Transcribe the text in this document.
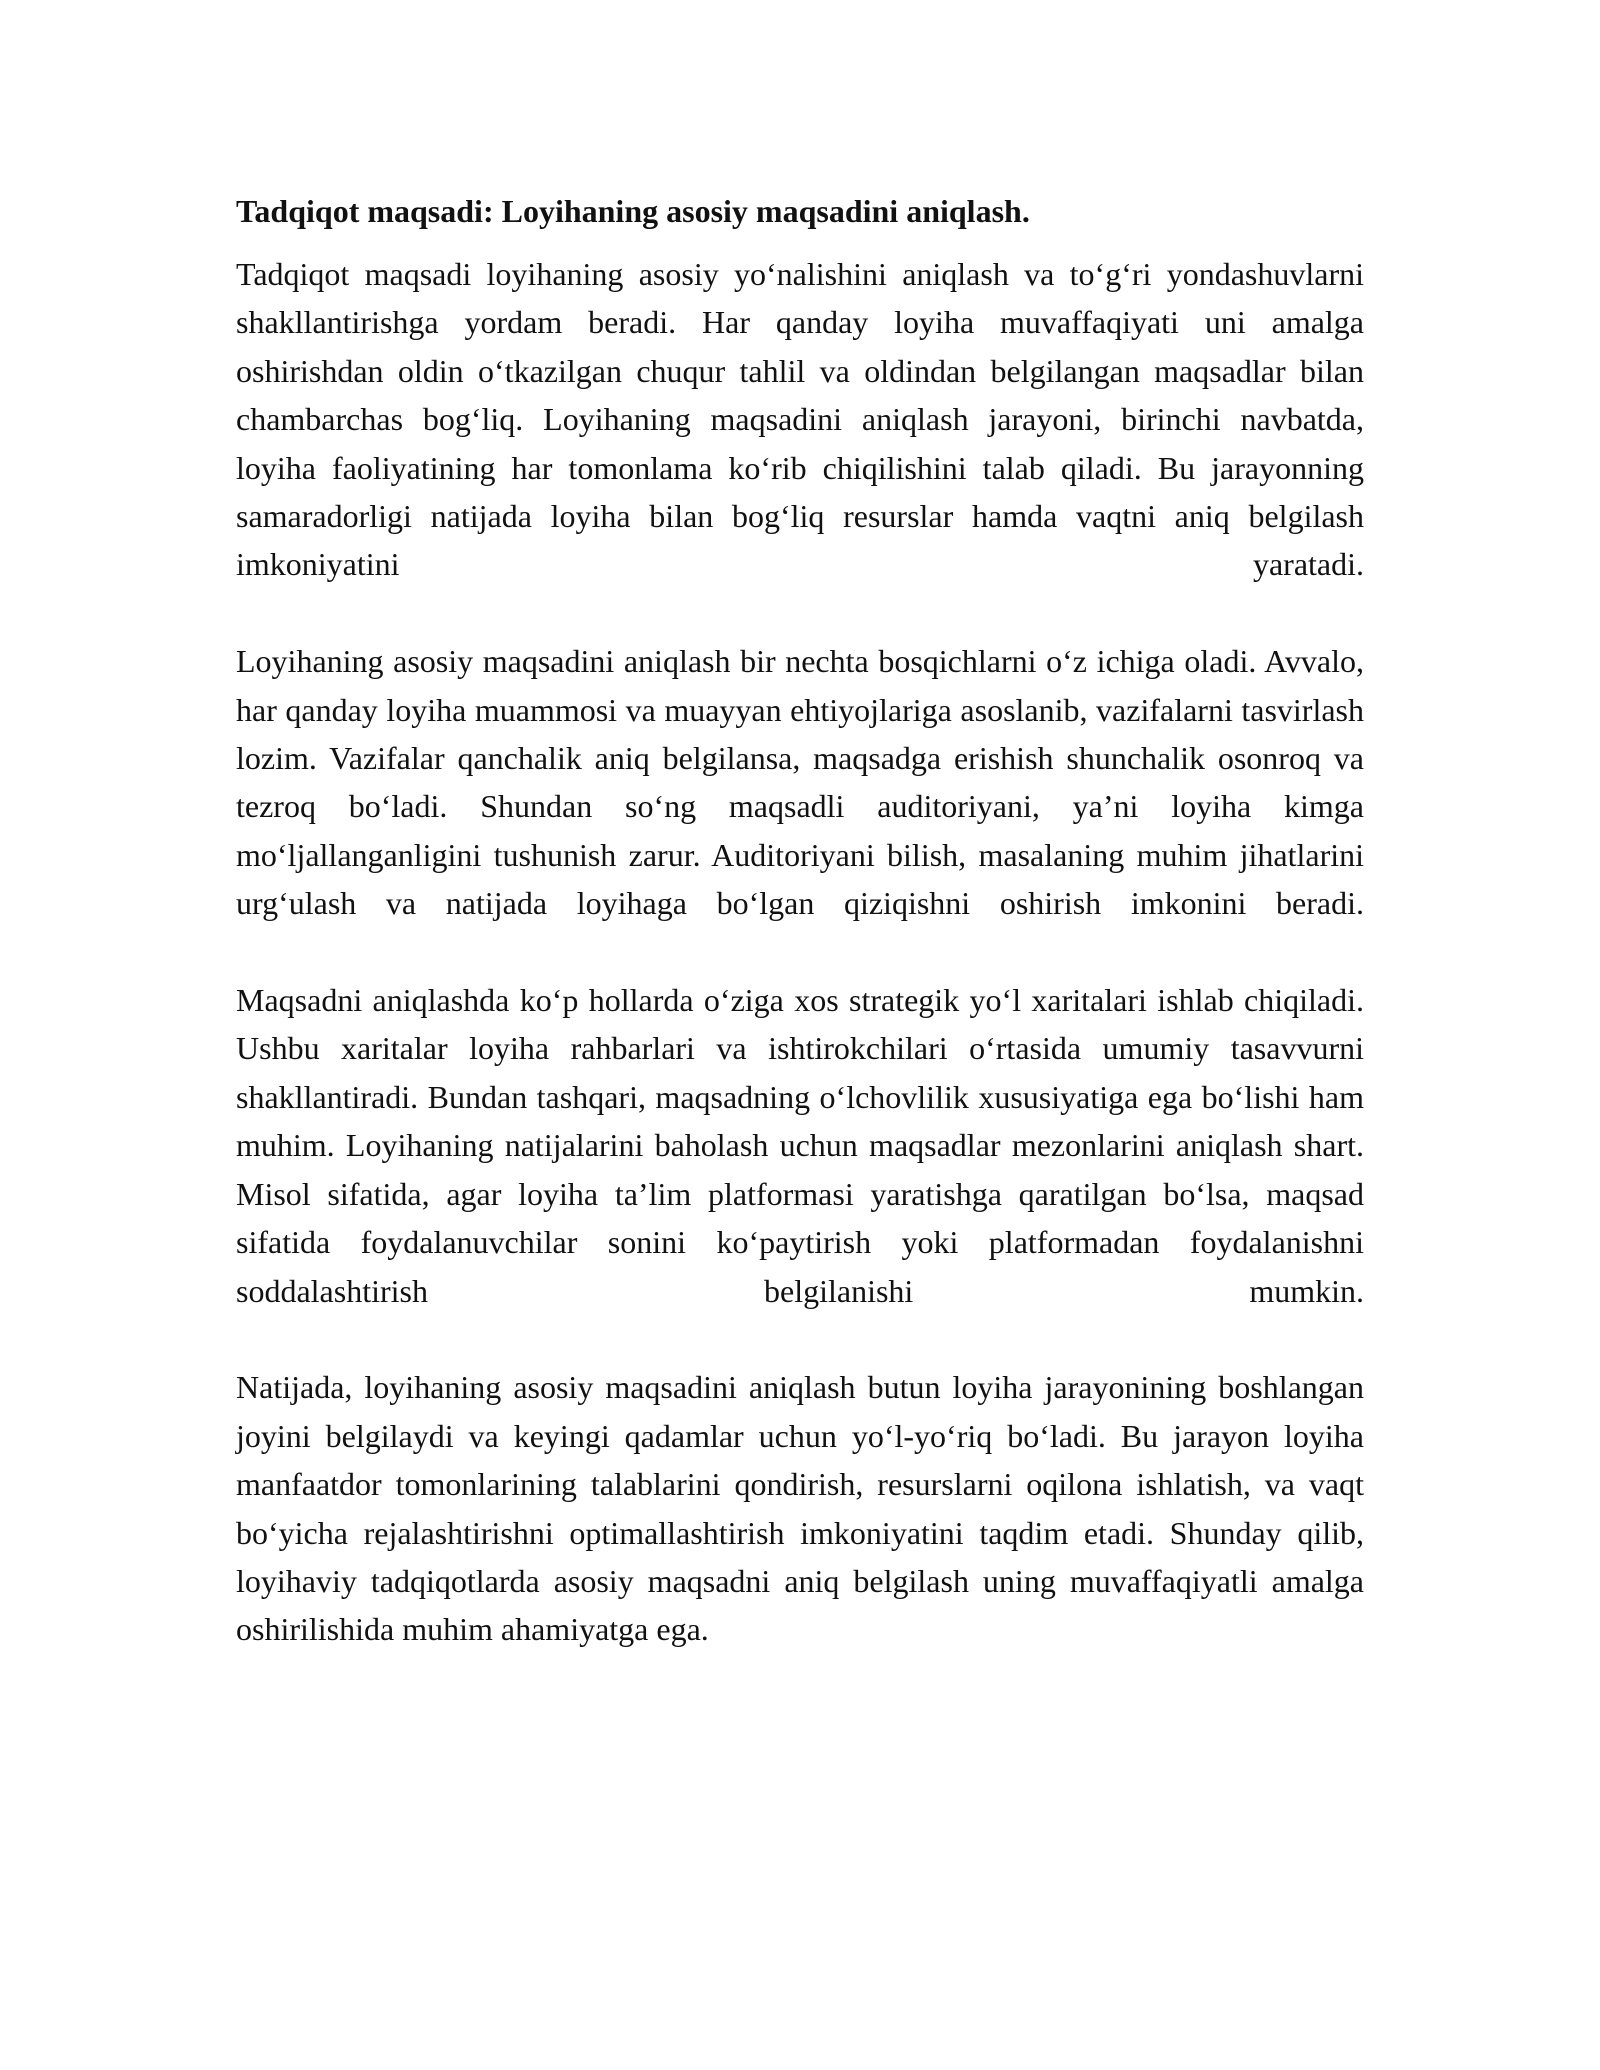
Tadqiqot maqsadi: Loyihaning asosiy maqsadini aniqlash.

Tadqiqot maqsadi loyihaning asosiy yo‘nalishini aniqlash va to‘g‘ri yondashuvlarni shakllantirishga yordam beradi. Har qanday loyiha muvaffaqiyati uni amalga oshirishdan oldin o‘tkazilgan chuqur tahlil va oldindan belgilangan maqsadlar bilan chambarchas bog‘liq. Loyihaning maqsadini aniqlash jarayoni, birinchi navbatda, loyiha faoliyatining har tomonlama ko‘rib chiqilishini talab qiladi. Bu jarayonning samaradorligi natijada loyiha bilan bog‘liq resurslar hamda vaqtni aniq belgilash imkoniyatini yaratadi.

Loyihaning asosiy maqsadini aniqlash bir nechta bosqichlarni o‘z ichiga oladi. Avvalo, har qanday loyiha muammosi va muayyan ehtiyojlariga asoslanib, vazifalarni tasvirlash lozim. Vazifalar qanchalik aniq belgilansa, maqsadga erishish shunchalik osonroq va tezroq bo‘ladi. Shundan so‘ng maqsadli auditoriyani, ya’ni loyiha kimga mo‘ljallanganligini tushunish zarur. Auditoriyani bilish, masalaning muhim jihatlarini urg‘ulash va natijada loyihaga bo‘lgan qiziqishni oshirish imkonini beradi.

Maqsadni aniqlashda ko‘p hollarda o‘ziga xos strategik yo‘l xaritalari ishlab chiqiladi. Ushbu xaritalar loyiha rahbarlari va ishtirokchilari o‘rtasida umumiy tasavvurni shakllantiradi. Bundan tashqari, maqsadning o‘lchovlilik xususiyatiga ega bo‘lishi ham muhim. Loyihaning natijalarini baholash uchun maqsadlar mezonlarini aniqlash shart. Misol sifatida, agar loyiha ta’lim platformasi yaratishga qaratilgan bo‘lsa, maqsad sifatida foydalanuvchilar sonini ko‘paytirish yoki platformadan foydalanishni soddalashtirish belgilanishi mumkin.

Natijada, loyihaning asosiy maqsadini aniqlash butun loyiha jarayonining boshlangan joyini belgilaydi va keyingi qadamlar uchun yo‘l-yo‘riq bo‘ladi. Bu jarayon loyiha manfaatdor tomonlarining talablarini qondirish, resurslarni oqilona ishlatish, va vaqt bo‘yicha rejalashtirishni optimallashtirish imkoniyatini taqdim etadi. Shunday qilib, loyihaviy tadqiqotlarda asosiy maqsadni aniq belgilash uning muvaffaqiyatli amalga oshirilishida muhim ahamiyatga ega.
